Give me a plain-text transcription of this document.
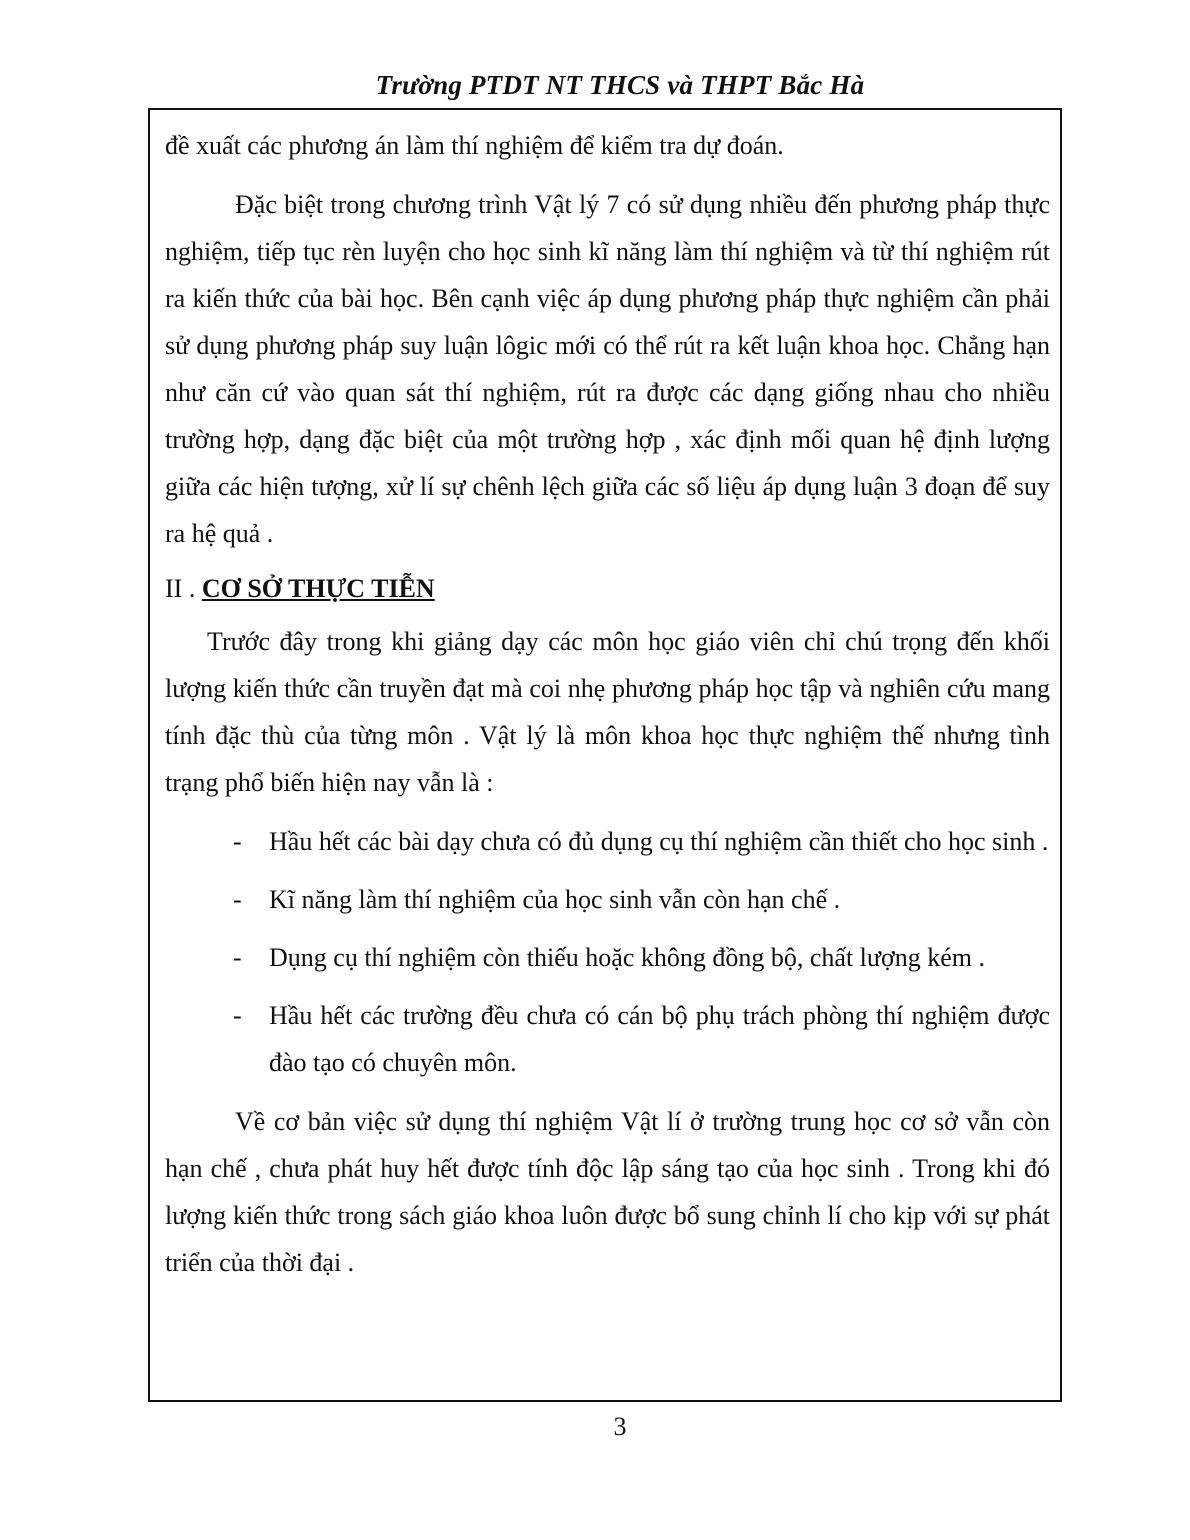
Trường PTDT NT THCS và THPT Bắc Hà

đề xuất các phương án làm thí nghiệm để kiểm tra dự đoán.

Đặc biệt trong chương trình Vật lý 7 có sử dụng nhiều đến phương pháp thực nghiệm, tiếp tục rèn luyện cho học sinh kĩ năng làm thí nghiệm và từ thí nghiệm rút ra kiến thức của bài học. Bên cạnh việc áp dụng phương pháp thực nghiệm cần phải sử dụng phương pháp suy luận lôgic mới có thể rút ra kết luận khoa học. Chẳng hạn như căn cứ vào quan sát thí nghiệm, rút ra được các dạng giống nhau cho nhiều trường hợp, dạng đặc biệt của một trường hợp , xác định mối quan hệ định lượng giữa các hiện tượng, xử lí sự chênh lệch giữa các số liệu áp dụng luận 3 đoạn để suy ra hệ quả .

II . CƠ SỞ THỰC TIỄN

Trước đây trong khi giảng dạy các môn học giáo viên chỉ chú trọng đến khối lượng kiến thức cần truyền đạt mà coi nhẹ phương pháp học tập và nghiên cứu mang tính đặc thù của từng môn . Vật lý là môn khoa học thực nghiệm thế nhưng tình trạng phổ biến hiện nay vẫn là :

- Hầu hết các bài dạy chưa có đủ dụng cụ thí nghiệm cần thiết cho học sinh .
- Kĩ năng làm thí nghiệm của học sinh vẫn còn hạn chế .
- Dụng cụ thí nghiệm còn thiếu hoặc không đồng bộ, chất lượng kém .
- Hầu hết các trường đều chưa có cán bộ phụ trách phòng thí nghiệm được đào tạo có chuyên môn.

Về cơ bản việc sử dụng thí nghiệm Vật lí ở trường trung học cơ sở vẫn còn hạn chế , chưa phát huy hết được tính độc lập sáng tạo của học sinh . Trong khi đó lượng kiến thức trong sách giáo khoa luôn được bổ sung chỉnh lí cho kịp với sự phát triển của thời đại .

3
